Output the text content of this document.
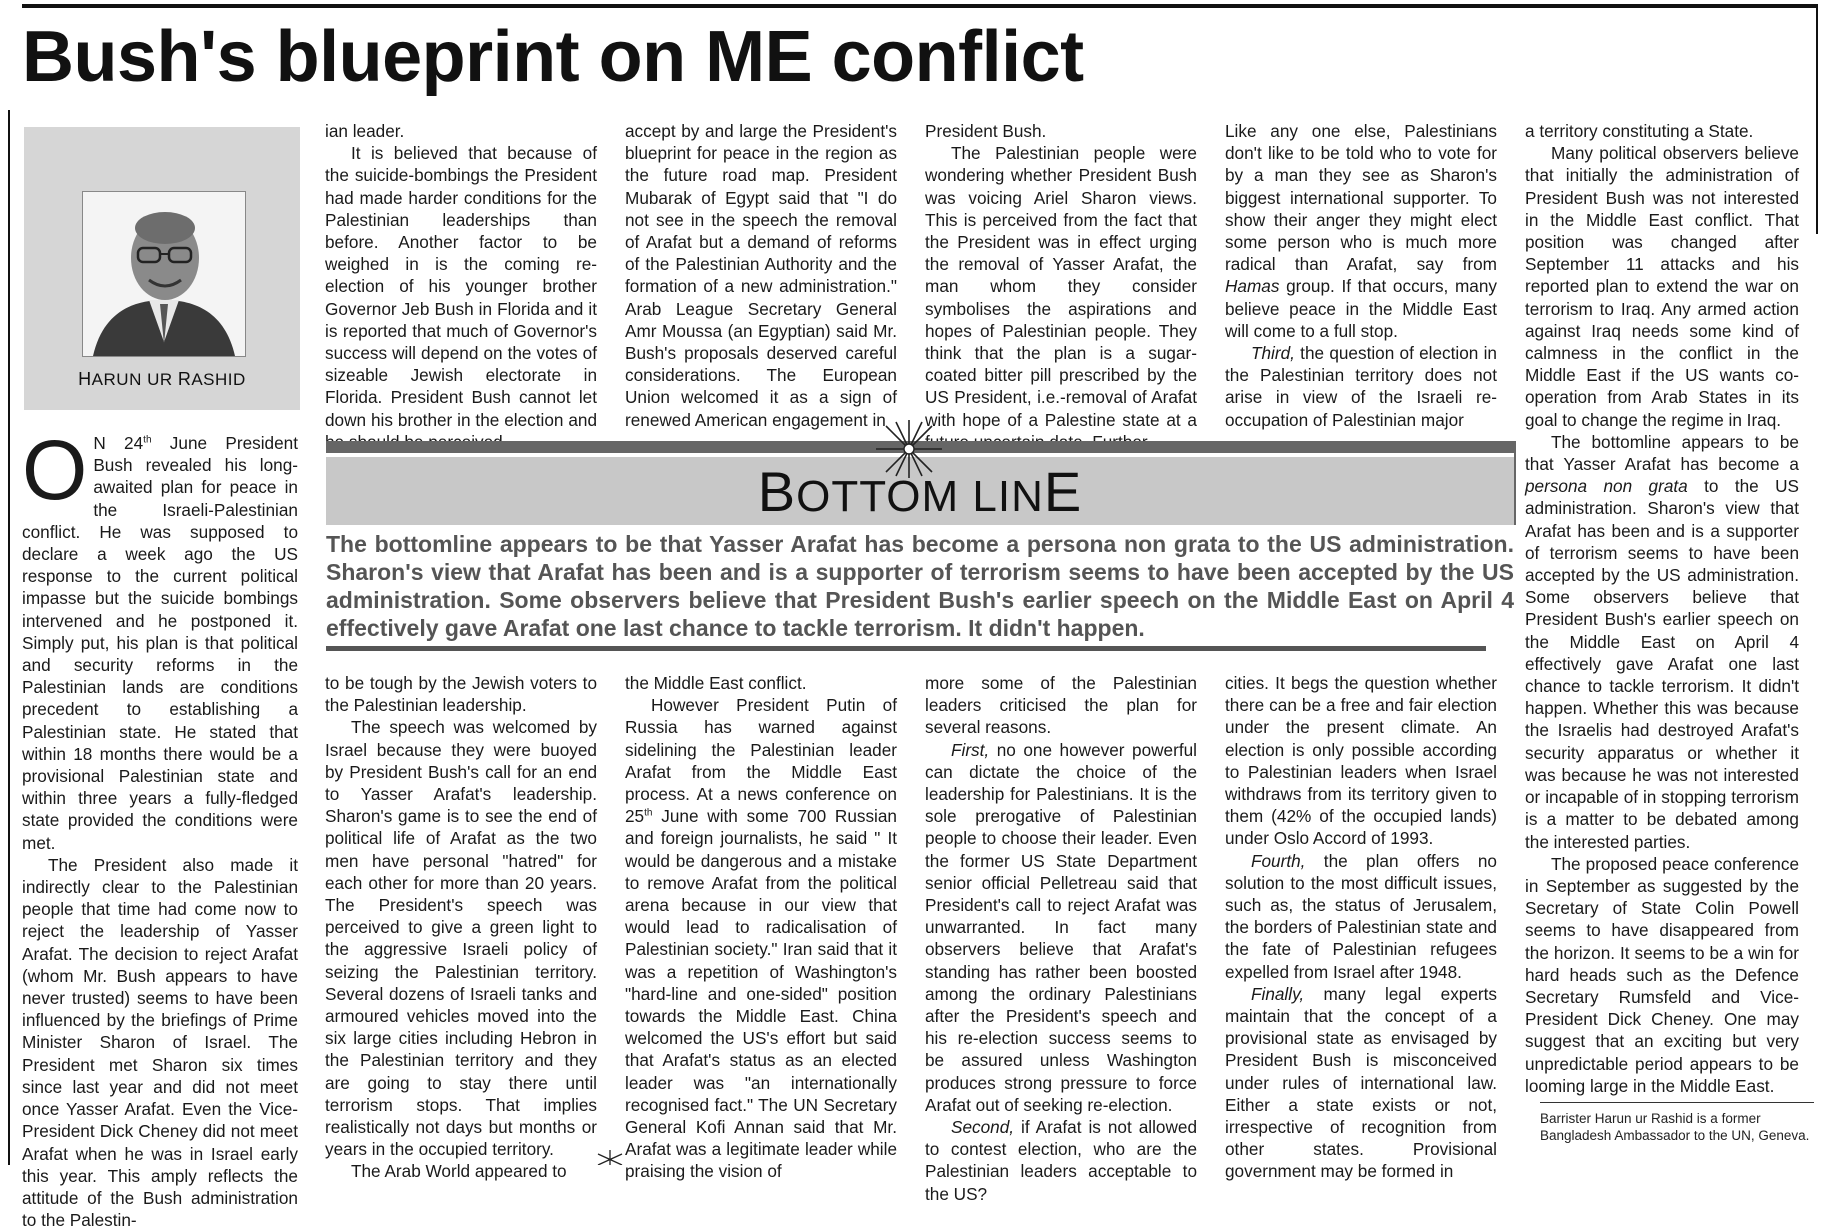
Bush's blueprint on ME conflict
HARUN UR RASHID

O N 24th June President Bush revealed his long-awaited plan for peace in the Israeli-Palestinian conflict. He was supposed to declare a week ago the US response to the current political impasse but the suicide bombings intervened and he postponed it. Simply put, his plan is that political and security reforms in the Palestinian lands are conditions precedent to establishing a Palestinian state. He stated that within 18 months there would be a provisional Palestinian state and within three years a fully-fledged state provided the conditions were met.

The President also made it indirectly clear to the Palestinian people that time had come now to reject the leadership of Yasser Arafat. The decision to reject Arafat (whom Mr. Bush appears to have never trusted) seems to have been influenced by the briefings of Prime Minister Sharon of Israel. The President met Sharon six times since last year and did not meet once Yasser Arafat. Even the Vice-President Dick Cheney did not meet Arafat when he was in Israel early this year. This amply reflects the attitude of the Bush administration to the Palestin-

ian leader.

It is believed that because of the suicide-bombings the President had made harder conditions for the Palestinian leaderships than before. Another factor to be weighed in is the coming re-election of his younger brother Governor Jeb Bush in Florida and it is reported that much of Governor's success will depend on the votes of sizeable Jewish electorate in Florida. President Bush cannot let down his brother in the election and

accept by and large the President's blueprint for peace in the region as the future road map. President Mubarak of Egypt said that "I do not see in the speech the removal of Arafat but a demand of reforms of the Palestinian Authority and the formation of a new administration." Arab League Secretary General Amr Moussa (an Egyptian) said Mr. Bush's proposals deserved careful considerations. The European Union welcomed it as a sign of renewed American engagement in

President Bush.

The Palestinian people were wondering whether President Bush was voicing Ariel Sharon views. This is perceived from the fact that the President was in effect urging the removal of Yasser Arafat, the man whom they consider symbolises the aspirations and hopes of Palestinian people. They think that the plan is a sugar-coated bitter pill prescribed by the US President, i.e.-removal of Arafat with hope of a Palestine state at a

Like any one else, Palestinians don't like to be told who to vote for by a man they see as Sharon's biggest international supporter. To show their anger they might elect some person who is much more radical than Arafat, say from Hamas group. If that occurs, many believe peace in the Middle East will come to a full stop.

Third, the question of election in the Palestinian territory does not arise in view of the Israeli re-occupation of Palestinian major

BOTTOM LINE
The bottomline appears to be that Yasser Arafat has become a persona non grata to the US administration. Sharon's view that Arafat has been and is a supporter of terrorism seems to have been accepted by the US administration. Some observers believe that President Bush's earlier speech on the Middle East on April 4 effectively gave Arafat one last chance to tackle terrorism. It didn't happen.

to be tough by the Jewish voters to the Palestinian leadership.

The speech was welcomed by Israel because they were buoyed by President Bush's call for an end to Yasser Arafat's leadership. Sharon's game is to see the end of political life of Arafat as the two men have personal "hatred" for each other for more than 20 years. The President's speech was perceived to give a green light to the aggressive Israeli policy of seizing the Palestinian territory. Several dozens of Israeli tanks and armoured vehicles moved into the six large cities including Hebron in the Palestinian territory and they are going to stay there until terrorism stops. That implies realistically not days but months or years in the occupied territory.

The Arab World appeared to

the Middle East conflict.

However President Putin of Russia has warned against sidelining the Palestinian leader Arafat from the Middle East process. At a news conference on 25th June with some 700 Russian and foreign journalists, he said " It would be dangerous and a mistake to remove Arafat from the political arena because in our view that would lead to radicalisation of Palestinian society." Iran said that it was a repetition of Washington's "hard-line and one-sided" position towards the Middle East. China welcomed the US's effort but said that Arafat's status as an elected leader was "an internationally recognised fact." The UN Secretary General Kofi Annan said that Mr. Arafat was a legitimate leader while praising the vision of

more some of the Palestinian leaders criticised the plan for several reasons.

First, no one however powerful can dictate the choice of the leadership for Palestinians. It is the sole prerogative of Palestinian people to choose their leader. Even the former US State Department senior official Pelletreau said that President's call to reject Arafat was unwarranted. In fact many observers believe that Arafat's standing has rather been boosted among the ordinary Palestinians after the President's speech and his re-election success seems to be assured unless Washington produces strong pressure to force Arafat out of seeking re-election.

Second, if Arafat is not allowed to contest election, who are the Palestinian leaders acceptable to the US?

cities. It begs the question whether there can be a free and fair election under the present climate. An election is only possible according to Palestinian leaders when Israel withdraws from its territory given to them (42% of the occupied lands) under Oslo Accord of 1993.

Fourth, the plan offers no solution to the most difficult issues, such as, the status of Jerusalem, the borders of Palestinian state and the fate of Palestinian refugees expelled from Israel after 1948.

Finally, many legal experts maintain that the concept of a provisional state as envisaged by President Bush is misconceived under rules of international law. Either a state exists or not, irrespective of recognition from other states. Provisional government may be formed in

a territory constituting a State.

Many political observers believe that initially the administration of President Bush was not interested in the Middle East conflict. That position was changed after September 11 attacks and his reported plan to extend the war on terrorism to Iraq. Any armed action against Iraq needs some kind of calmness in the conflict in the Middle East if the US wants co-operation from Arab States in its goal to change the regime in Iraq.

The bottomline appears to be that Yasser Arafat has become a persona non grata to the US administration. Sharon's view that Arafat has been and is a supporter of terrorism seems to have been accepted by the US administration. Some observers believe that President Bush's earlier speech on the Middle East on April 4 effectively gave Arafat one last chance to tackle terrorism. It didn't happen. Whether this was because the Israelis had destroyed Arafat's security apparatus or whether it was because he was not interested or incapable of in stopping terrorism is a matter to be debated among the interested parties.

The proposed peace conference in September as suggested by the Secretary of State Colin Powell seems to have disappeared from the horizon. It seems to be a win for hard heads such as the Defence Secretary Rumsfeld and Vice-President Dick Cheney. One may suggest that an exciting but very unpredictable period appears to be looming large in the Middle East.

Barrister Harun ur Rashid is a former Bangladesh Ambassador to the UN, Geneva.
